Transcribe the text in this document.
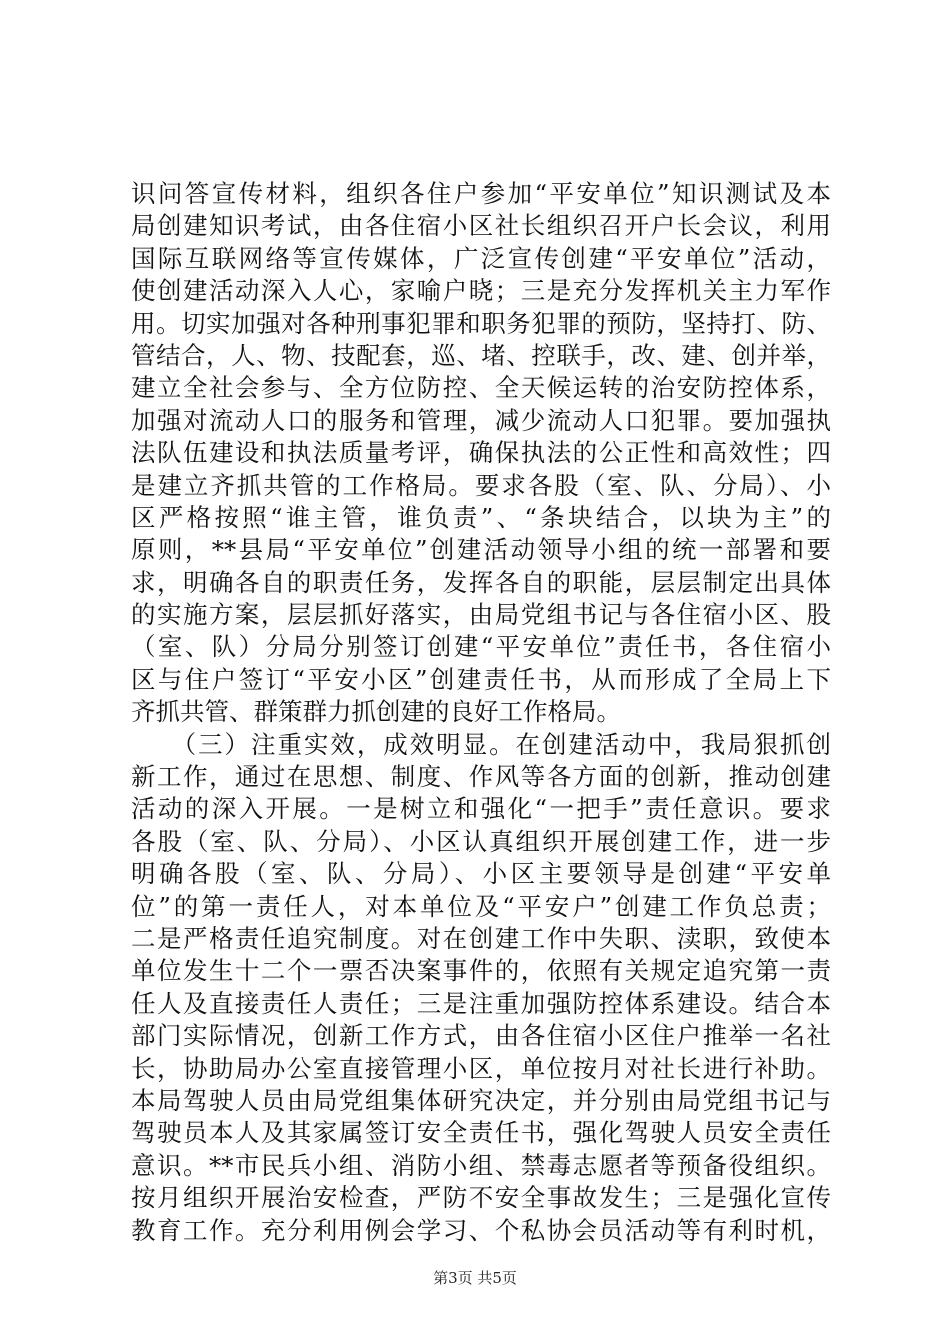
识问答宣传材料，组织各住户参加“平安单位”知识测试及本
局创建知识考试，由各住宿小区社长组织召开户长会议，利用
国际互联网络等宣传媒体，广泛宣传创建“平安单位”活动，
使创建活动深入人心，家喻户晓；三是充分发挥机关主力军作
用。切实加强对各种刑事犯罪和职务犯罪的预防，坚持打、防、
管结合，人、物、技配套，巡、堵、控联手，改、建、创并举，
建立全社会参与、全方位防控、全天候运转的治安防控体系，
加强对流动人口的服务和管理，减少流动人口犯罪。要加强执
法队伍建设和执法质量考评，确保执法的公正性和高效性；四
是建立齐抓共管的工作格局。要求各股（室、队、分局）、小
区严格按照“谁主管，谁负责”、“条块结合，以块为主”的
原则，**县局“平安单位”创建活动领导小组的统一部署和要
求，明确各自的职责任务，发挥各自的职能，层层制定出具体
的实施方案，层层抓好落实，由局党组书记与各住宿小区、股
（室、队）分局分别签订创建“平安单位”责任书，各住宿小
区与住户签订“平安小区”创建责任书，从而形成了全局上下
齐抓共管、群策群力抓创建的良好工作格局。
　　（三）注重实效，成效明显。在创建活动中，我局狠抓创
新工作，通过在思想、制度、作风等各方面的创新，推动创建
活动的深入开展。一是树立和强化“一把手”责任意识。要求
各股（室、队、分局）、小区认真组织开展创建工作，进一步
明确各股（室、队、分局）、小区主要领导是创建“平安单
位”的第一责任人，对本单位及“平安户”创建工作负总责；
二是严格责任追究制度。对在创建工作中失职、渎职，致使本
单位发生十二个一票否决案事件的，依照有关规定追究第一责
任人及直接责任人责任；三是注重加强防控体系建设。结合本
部门实际情况，创新工作方式，由各住宿小区住户推举一名社
长，协助局办公室直接管理小区，单位按月对社长进行补助。
本局驾驶人员由局党组集体研究决定，并分别由局党组书记与
驾驶员本人及其家属签订安全责任书，强化驾驶人员安全责任
意识。**市民兵小组、消防小组、禁毒志愿者等预备役组织。
按月组织开展治安检查，严防不安全事故发生；三是强化宣传
教育工作。充分利用例会学习、个私协会员活动等有利时机，
第3页 共5页
